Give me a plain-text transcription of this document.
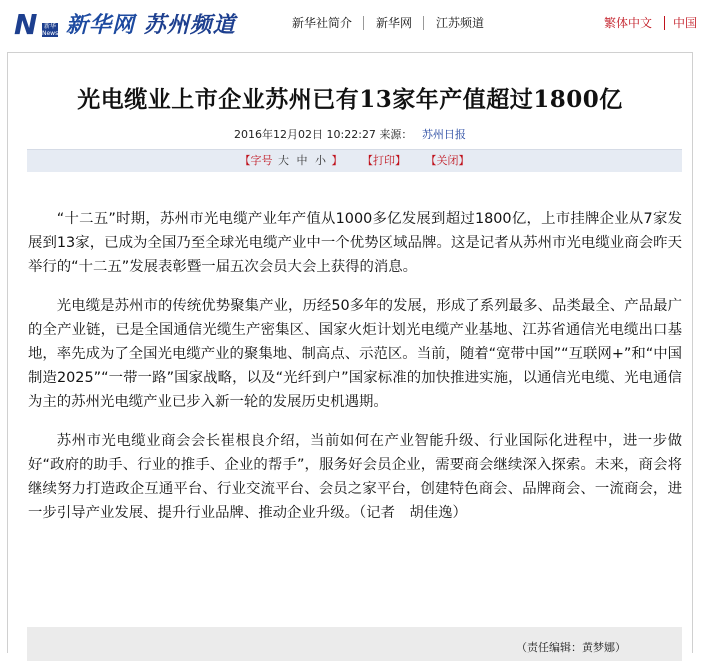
N	新华 News 新华网 苏州频道	新华社简介	新华网	江苏频道	繁体中文 中国
光电缆业上市企业苏州已有13家年产值超过1800亿
2016年12月02日 10:22:27 来源： 苏州日报
【字号 大 中 小 】 【打印】 【关闭】

“十二五”时期，苏州市光电缆产业年产值从1000多亿发展到超过1800亿，上市挂牌企业从7家发展到13家，已成为全国乃至全球光电缆产业中一个优势区域品牌。这是记者从苏州市光电缆业商会昨天举行的“十二五”发展表彰暨一届五次会员大会上获得的消息。

光电缆是苏州市的传统优势聚集产业，历经50多年的发展，形成了系列最多、品类最全、产品最广的全产业链，已是全国通信光缆生产密集区、国家火炬计划光电缆产业基地、江苏省通信光电缆出口基地，率先成为了全国光电缆产业的聚集地、制高点、示范区。当前，随着“宽带中国”“互联网+”和“中国制造2025”“一带一路”国家战略，以及“光纤到户”国家标准的加快推进实施，以通信光电缆、光电通信为主的苏州光电缆产业已步入新一轮的发展历史机遇期。

苏州市光电缆业商会会长崔根良介绍，当前如何在产业智能升级、行业国际化进程中，进一步做好“政府的助手、行业的推手、企业的帮手”，服务好会员企业，需要商会继续深入探索。未来，商会将继续努力打造政企互通平台、行业交流平台、会员之家平台，创建特色商会、品牌商会、一流商会，进一步引导产业发展、提升行业品牌、推动企业升级。（记者　胡佳逸）

（责任编辑：黄梦娜）
